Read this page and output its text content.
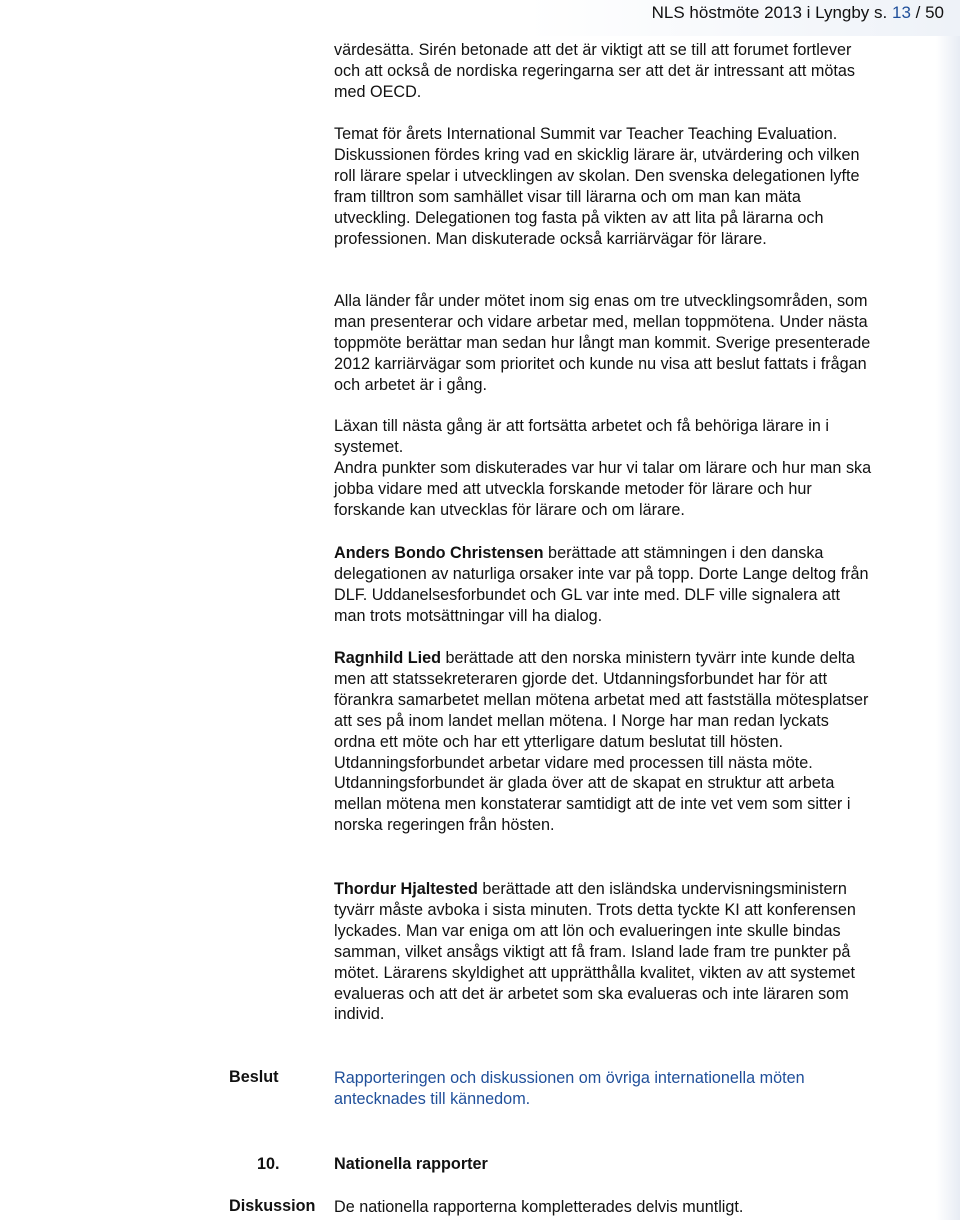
NLS höstmöte 2013 i Lyngby s. 13 / 50

värdesätta. Sirén betonade att det är viktigt att se till att forumet fortlever och att också de nordiska regeringarna ser att det är intressant att mötas med OECD.

Temat för årets International Summit var Teacher Teaching Evaluation. Diskussionen fördes kring vad en skicklig lärare är, utvärdering och vilken roll lärare spelar i utvecklingen av skolan. Den svenska delegationen lyfte fram tilltron som samhället visar till lärarna och om man kan mäta utveckling. Delegationen tog fasta på vikten av att lita på lärarna och professionen. Man diskuterade också karriärvägar för lärare.

Alla länder får under mötet inom sig enas om tre utvecklingsområden, som man presenterar och vidare arbetar med, mellan toppmötena. Under nästa toppmöte berättar man sedan hur långt man kommit. Sverige presenterade 2012 karriärvägar som prioritet och kunde nu visa att beslut fattats i frågan och arbetet är i gång.

Läxan till nästa gång är att fortsätta arbetet och få behöriga lärare in i systemet.

Andra punkter som diskuterades var hur vi talar om lärare och hur man ska jobba vidare med att utveckla forskande metoder för lärare och hur forskande kan utvecklas för lärare och om lärare.

Anders Bondo Christensen berättade att stämningen i den danska delegationen av naturliga orsaker inte var på topp. Dorte Lange deltog från DLF. Uddanelsesforbundet och GL var inte med. DLF ville signalera att man trots motsättningar vill ha dialog.

Ragnhild Lied berättade att den norska ministern tyvärr inte kunde delta men att statssekreteraren gjorde det. Utdanningsforbundet har för att förankra samarbetet mellan mötena arbetat med att fastställa mötesplatser att ses på inom landet mellan mötena. I Norge har man redan lyckats ordna ett möte och har ett ytterligare datum beslutat till hösten. Utdanningsforbundet arbetar vidare med processen till nästa möte. Utdanningsforbundet är glada över att de skapat en struktur att arbeta mellan mötena men konstaterar samtidigt att de inte vet vem som sitter i norska regeringen från hösten.

Thordur Hjaltested berättade att den isländska undervisningsministern tyvärr måste avboka i sista minuten. Trots detta tyckte KI att konferensen lyckades. Man var eniga om att lön och evalueringen inte skulle bindas samman, vilket ansågs viktigt att få fram. Island lade fram tre punkter på mötet. Lärarens skyldighet att upprätthålla kvalitet, vikten av att systemet evalueras och att det är arbetet som ska evalueras och inte läraren som individ.

Beslut	Rapporteringen och diskussionen om övriga internationella möten antecknades till kännedom.

10.	Nationella rapporter
Diskussion De nationella rapporterna kompletterades delvis muntligt.
